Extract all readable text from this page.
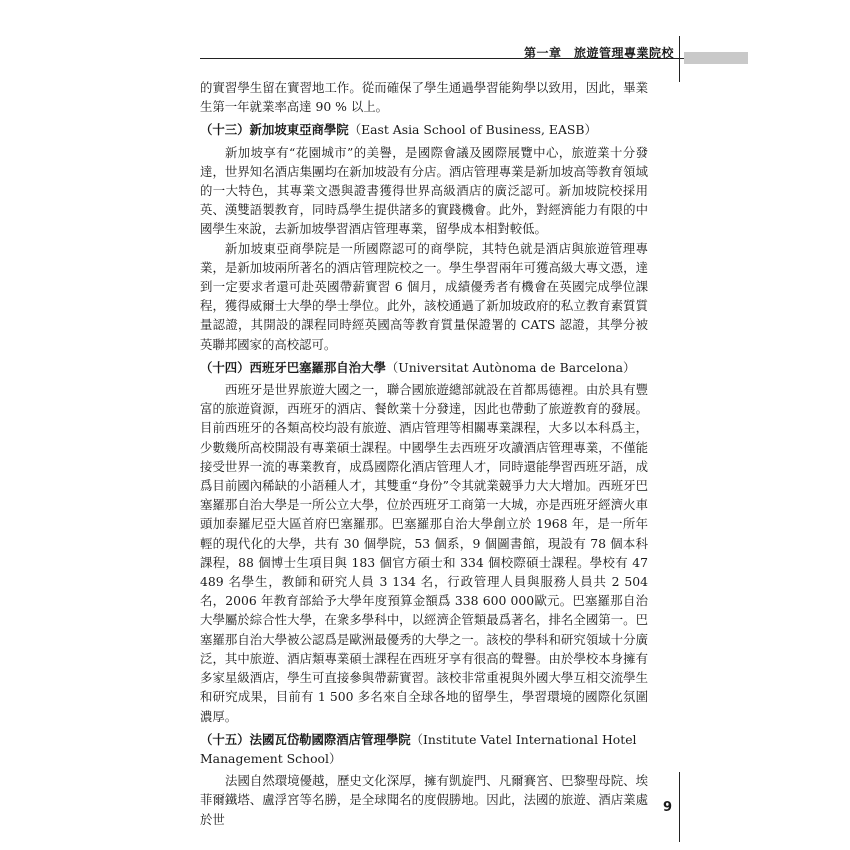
第一章　旅遊管理專業院校

的實習學生留在實習地工作。從而確保了學生通過學習能夠學以致用，因此，畢業生第一年就業率高達 90 % 以上。

（十三）新加坡東亞商學院（East Asia School of Business, EASB）

新加坡享有“花園城市”的美譽，是國際會議及國際展覽中心，旅遊業十分發達，世界知名酒店集團均在新加坡設有分店。酒店管理專業是新加坡高等教育領域的一大特色，其專業文憑與證書獲得世界高級酒店的廣泛認可。新加坡院校採用英、漢雙語製教育，同時爲學生提供諸多的實踐機會。此外，對經濟能力有限的中國學生來說，去新加坡學習酒店管理專業，留學成本相對較低。

新加坡東亞商學院是一所國際認可的商學院，其特色就是酒店與旅遊管理專業，是新加坡兩所著名的酒店管理院校之一。學生學習兩年可獲高級大專文憑，達到一定要求者還可赴英國帶薪實習 6 個月，成績優秀者有機會在英國完成學位課程，獲得威爾士大學的學士學位。此外，該校通過了新加坡政府的私立教育素質質量認證，其開設的課程同時經英國高等教育質量保證署的 CATS 認證，其學分被英聯邦國家的高校認可。

（十四）西班牙巴塞羅那自治大學（Universitat Autònoma de Barcelona）

西班牙是世界旅遊大國之一，聯合國旅遊總部就設在首都馬德裡。由於具有豐富的旅遊資源，西班牙的酒店、餐飲業十分發達，因此也帶動了旅遊教育的發展。目前西班牙的各類高校均設有旅遊、酒店管理等相關專業課程，大多以本科爲主，少數幾所高校開設有專業碩士課程。中國學生去西班牙攻讀酒店管理專業，不僅能接受世界一流的專業教育，成爲國際化酒店管理人才，同時還能學習西班牙語，成爲目前國內稀缺的小語種人才，其雙重“身份”令其就業競爭力大大增加。西班牙巴塞羅那自治大學是一所公立大學，位於西班牙工商第一大城，亦是西班牙經濟火車頭加泰羅尼亞大區首府巴塞羅那。巴塞羅那自治大學創立於 1968 年，是一所年輕的現代化的大學，共有 30 個學院，53 個系，9 個圖書館，現設有 78 個本科課程，88 個博士生項目與 183 個官方碩士和 334 個校際碩士課程。學校有 47 489 名學生，教師和研究人員 3 134 名，行政管理人員與服務人員共 2 504 名，2006 年教育部給予大學年度預算金額爲 338 600 000歐元。巴塞羅那自治大學屬於綜合性大學，在衆多學科中，以經濟企管類最爲著名，排名全國第一。巴塞羅那自治大學被公認爲是歐洲最優秀的大學之一。該校的學科和研究領域十分廣泛，其中旅遊、酒店類專業碩士課程在西班牙享有很高的聲譽。由於學校本身擁有多家星級酒店，學生可直接參與帶薪實習。該校非常重視與外國大學互相交流學生和研究成果，目前有 1 500 多名來自全球各地的留學生，學習環境的國際化氛圍濃厚。

（十五）法國瓦岱勒國際酒店管理學院（Institute Vatel International Hotel Management School）

法國自然環境優越，歷史文化深厚，擁有凱旋門、凡爾賽宮、巴黎聖母院、埃菲爾鐵塔、盧浮宮等名勝，是全球聞名的度假勝地。因此，法國的旅遊、酒店業處於世

9
